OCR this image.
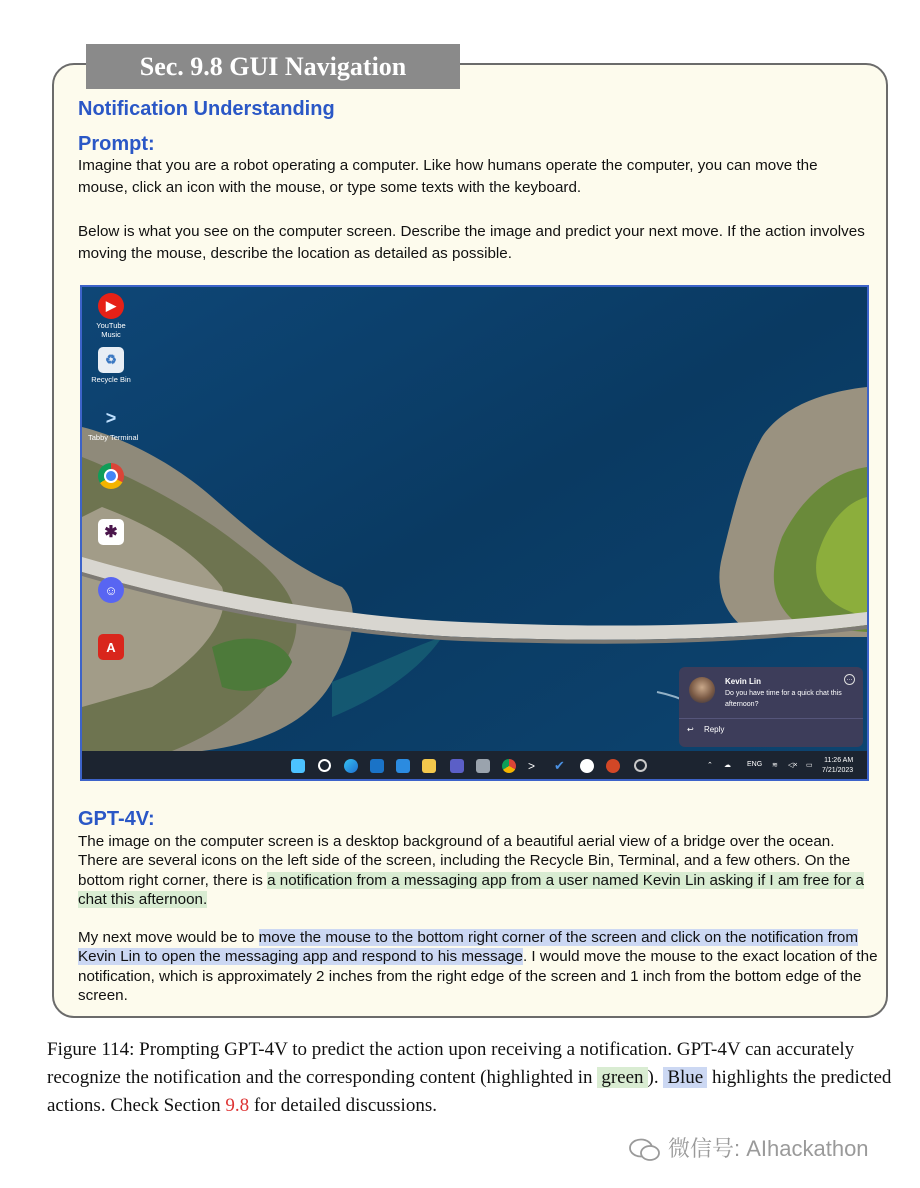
Sec. 9.8 GUI Navigation
Notification Understanding
Prompt:

Imagine that you are a robot operating a computer. Like how humans operate the computer, you can move the mouse, click an icon with the mouse, or type some texts with the keyboard.

Below is what you see on the computer screen. Describe the image and predict your next move. If the action involves moving the mouse, describe the location as detailed as possible.

▶
YouTube
Music
♻
Recycle Bin
>
Tabby Terminal
✱
☺
A
Kevin Lin
Do you have time for a quick chat this afternoon?
…
↩ Reply
>	✔	⌃ ☁ ENG ≋ ◁× ▭
11:26 AM
7/21/2023
GPT-4V:

The image on the computer screen is a desktop background of a beautiful aerial view of a bridge over the ocean. There are several icons on the left side of the screen, including the Recycle Bin, Terminal, and a few others. On the bottom right corner, there is a notification from a messaging app from a user named Kevin Lin asking if I am free for a chat this afternoon.

My next move would be to move the mouse to the bottom right corner of the screen and click on the notification from Kevin Lin to open the messaging app and respond to his message. I would move the mouse to the exact location of the notification, which is approximately 2 inches from the right edge of the screen and 1 inch from the bottom edge of the screen.

Figure 114: Prompting GPT-4V to predict the action upon receiving a notification. GPT-4V can accurately recognize the notification and the corresponding content (highlighted in green ). Blue highlights the predicted actions. Check Section 9.8 for detailed discussions.

微信号: AIhackathon
